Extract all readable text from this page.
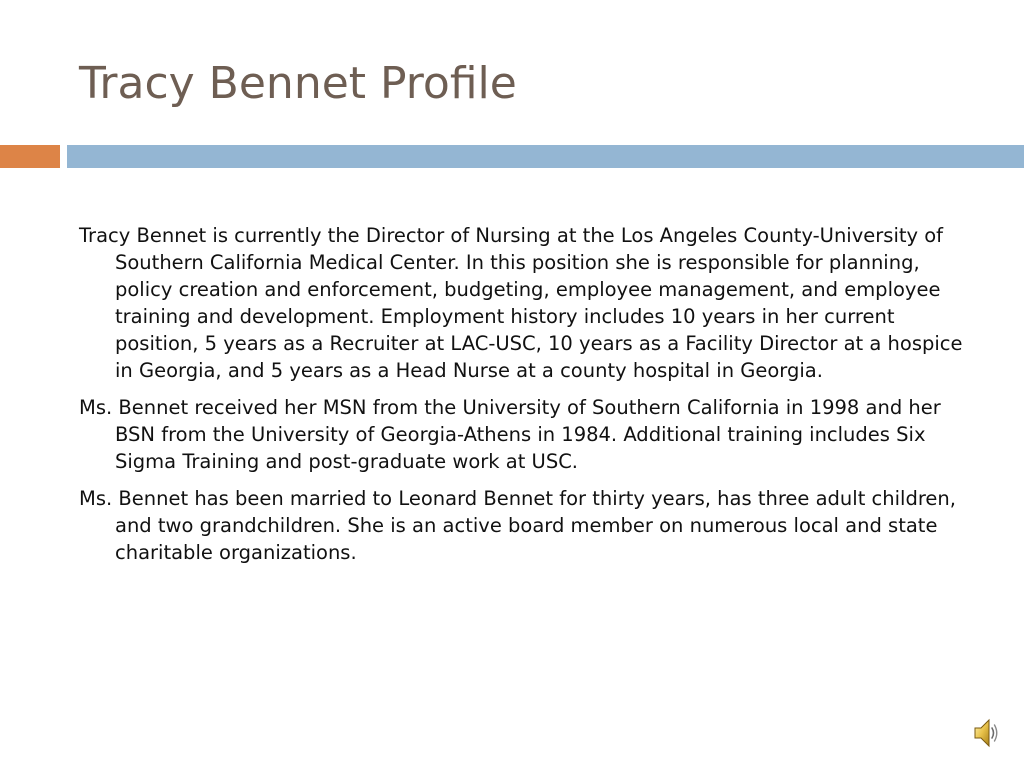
Tracy Bennet Profile

Tracy Bennet is currently the Director of Nursing at the Los Angeles County-University of Southern California Medical Center. In this position she is responsible for planning, policy creation and enforcement, budgeting, employee management, and employee training and development. Employment history includes 10 years in her current position, 5 years as a Recruiter at LAC-USC, 10 years as a Facility Director at a hospice in Georgia, and 5 years as a Head Nurse at a county hospital in Georgia.

Ms. Bennet received her MSN from the University of Southern California in 1998 and her BSN from the University of Georgia-Athens in 1984. Additional training includes Six Sigma Training and post-graduate work at USC.

Ms. Bennet has been married to Leonard Bennet for thirty years, has three adult children, and two grandchildren. She is an active board member on numerous local and state charitable organizations.
